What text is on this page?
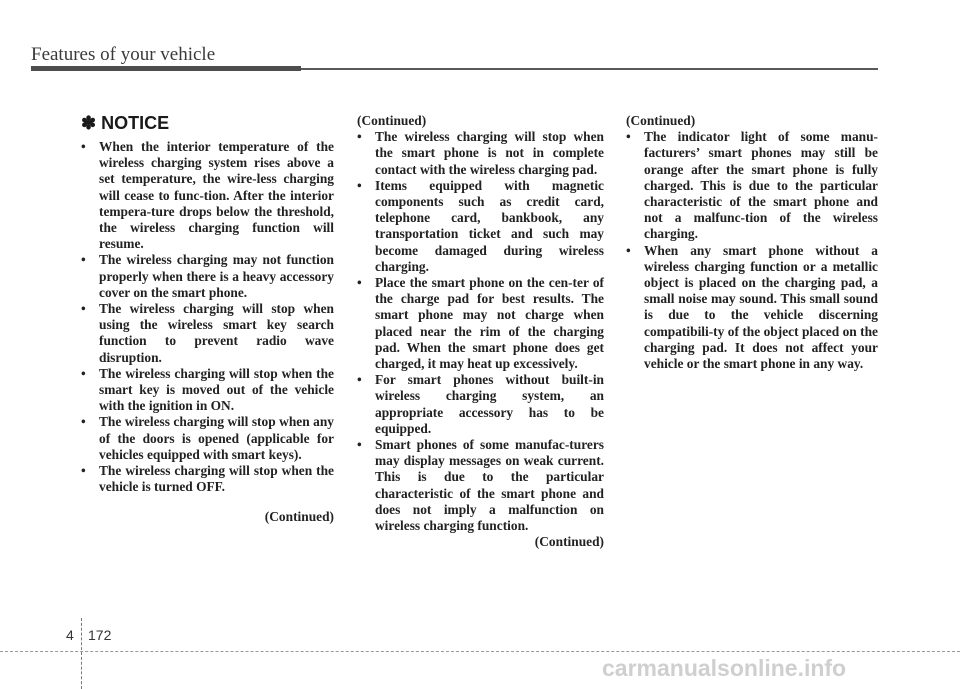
Features of your vehicle
✽ NOTICE
• When the interior temperature of the wireless charging system rises above a set temperature, the wire-less charging will cease to func-tion. After the interior tempera-ture drops below the threshold, the wireless charging function will resume.
• The wireless charging may not function properly when there is a heavy accessory cover on the smart phone.
• The wireless charging will stop when using the wireless smart key search function to prevent radio wave disruption.
• The wireless charging will stop when the smart key is moved out of the vehicle with the ignition in ON.
• The wireless charging will stop when any of the doors is opened (applicable for vehicles equipped with smart keys).
• The wireless charging will stop when the vehicle is turned OFF.

(Continued)

(Continued)

• The wireless charging will stop when the smart phone is not in complete contact with the wireless charging pad.
• Items equipped with magnetic components such as credit card, telephone card, bankbook, any transportation ticket and such may become damaged during wireless charging.
• Place the smart phone on the cen-ter of the charge pad for best results. The smart phone may not charge when placed near the rim of the charging pad. When the smart phone does get charged, it may heat up excessively.
• For smart phones without built-in wireless charging system, an appropriate accessory has to be equipped.
• Smart phones of some manufac-turers may display messages on weak current. This is due to the particular characteristic of the smart phone and does not imply a malfunction on wireless charging function.

(Continued)

(Continued)

• The indicator light of some manu-facturers’ smart phones may still be orange after the smart phone is fully charged. This is due to the particular characteristic of the smart phone and not a malfunc-tion of the wireless charging.
• When any smart phone without a wireless charging function or a metallic object is placed on the charging pad, a small noise may sound. This small sound is due to the vehicle discerning compatibili-ty of the object placed on the charging pad. It does not affect your vehicle or the smart phone in any way.
4 172
carmanualsonline.info
